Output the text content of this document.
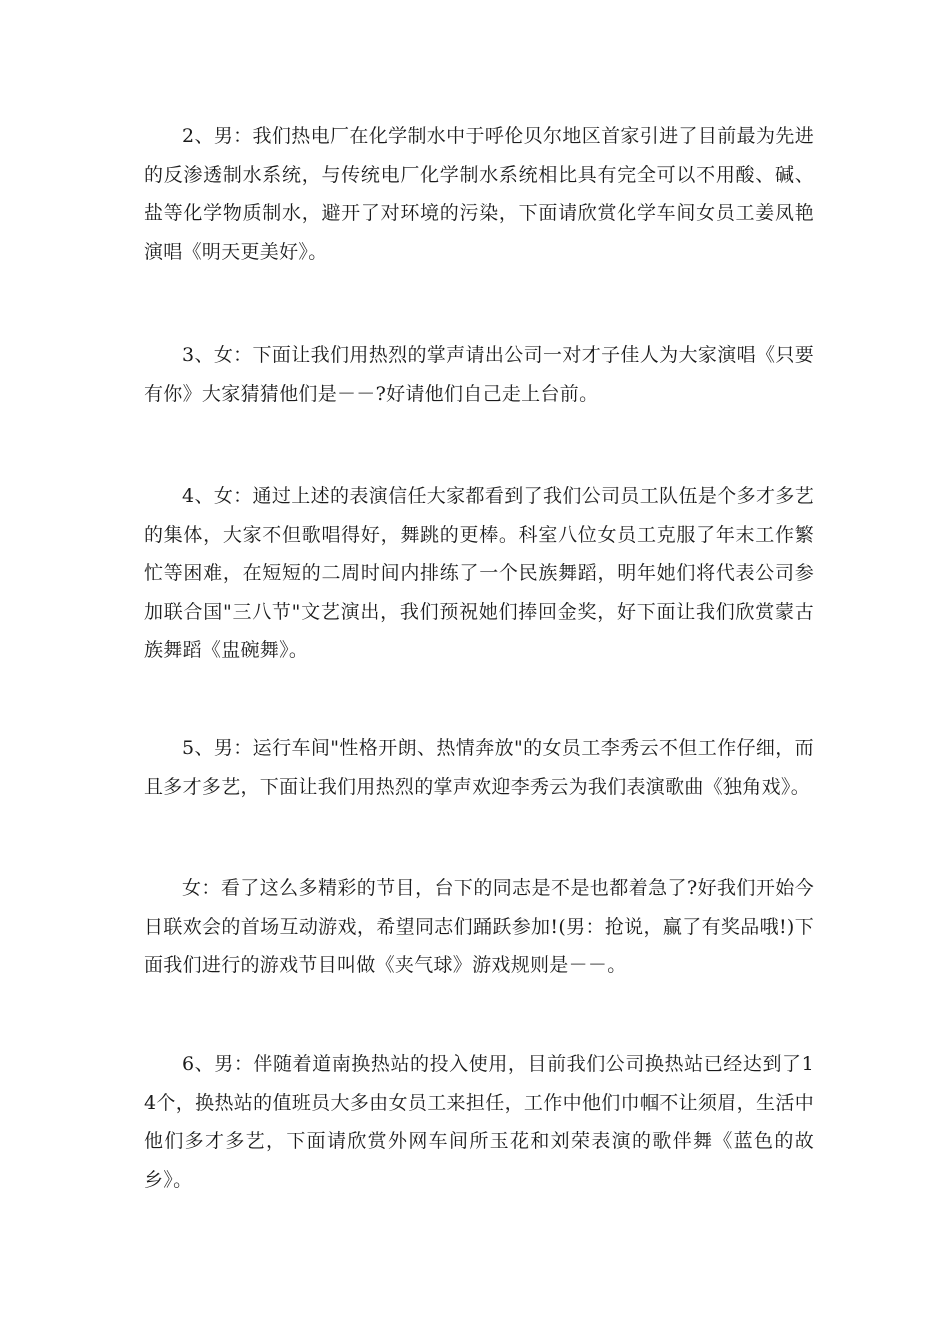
2、男：我们热电厂在化学制水中于呼伦贝尔地区首家引进了目前最为先进的反渗透制水系统，与传统电厂化学制水系统相比具有完全可以不用酸、碱、盐等化学物质制水，避开了对环境的污染，下面请欣赏化学车间女员工姜凤艳演唱《明天更美好》。

3、女：下面让我们用热烈的掌声请出公司一对才子佳人为大家演唱《只要有你》大家猜猜他们是－－?好请他们自己走上台前。

4、女：通过上述的表演信任大家都看到了我们公司员工队伍是个多才多艺的集体，大家不但歌唱得好，舞跳的更棒。科室八位女员工克服了年末工作繁忙等困难，在短短的二周时间内排练了一个民族舞蹈，明年她们将代表公司参加联合国"三八节"文艺演出，我们预祝她们捧回金奖，好下面让我们欣赏蒙古族舞蹈《盅碗舞》。

5、男：运行车间"性格开朗、热情奔放"的女员工李秀云不但工作仔细，而且多才多艺，下面让我们用热烈的掌声欢迎李秀云为我们表演歌曲《独角戏》。

女：看了这么多精彩的节目，台下的同志是不是也都着急了?好我们开始今日联欢会的首场互动游戏，希望同志们踊跃参加!(男：抢说，赢了有奖品哦!)下面我们进行的游戏节目叫做《夹气球》游戏规则是－－。

6、男：伴随着道南换热站的投入使用，目前我们公司换热站已经达到了14个，换热站的值班员大多由女员工来担任，工作中他们巾帼不让须眉，生活中他们多才多艺，下面请欣赏外网车间所玉花和刘荣表演的歌伴舞《蓝色的故乡》。
